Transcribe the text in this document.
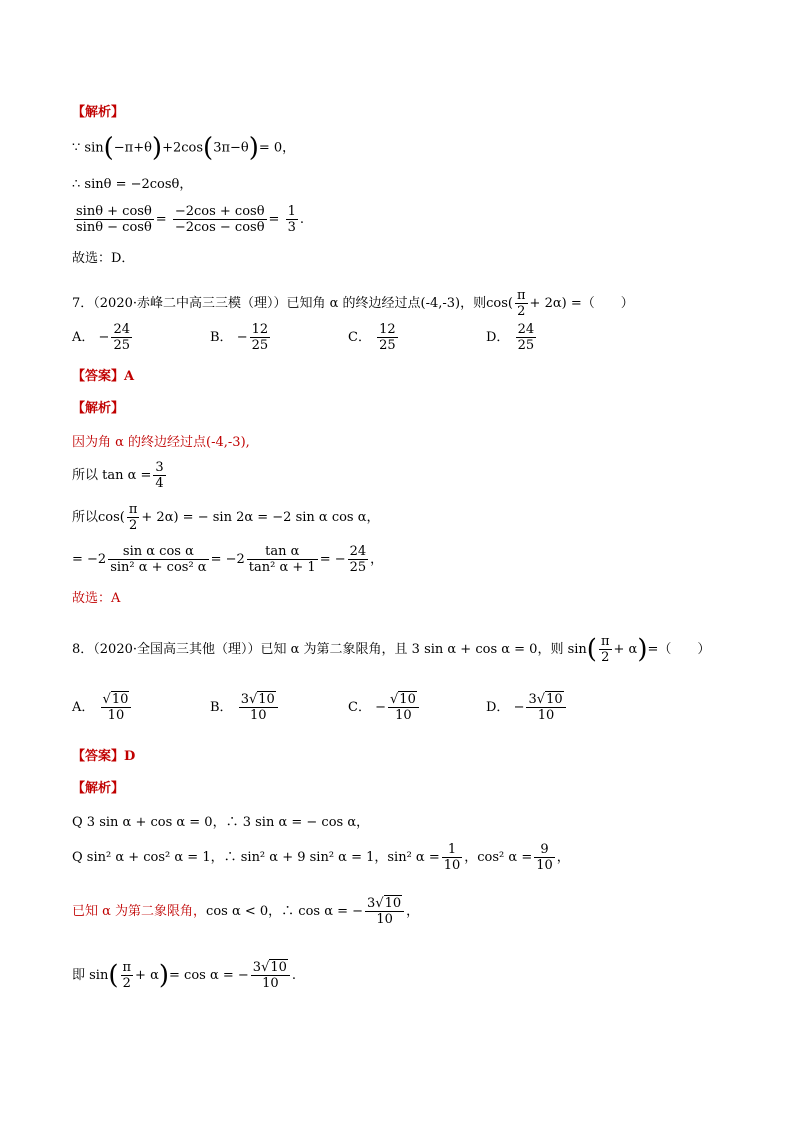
【解析】
∵ sin(−π+θ)+2cos(3π−θ)= 0，
∴ sinθ = −2cosθ，
$\frac{\sin\theta + \cos\theta}{\sin\theta - \cos\theta} = \frac{-2\cos + \cos\theta}{-2\cos - \cos\theta} = \frac{1}{3}$ .
故选：D．
7．（2020·赤峰二中高三三模（理））已知角 α 的终边经过点(-4,-3)，则$\cos( \frac{\pi}{2} + 2\alpha)$ =（　　）
A． − $\frac{24}{25}$	B． − $\frac{12}{25}$	C． $\frac{12}{25}$	D． $\frac{24}{25}$
【答案】A
【解析】
因为角 α 的终边经过点(-4,-3),
所以 $\tan \alpha = \frac{3}{4}$
所以$\cos( \frac{\pi}{2} + 2\alpha)$ = − sin 2α = −2 sin α cos α，
= $-2 \frac{\text{sin α cos α}}{\text{sin² α + cos² α}} = -2 \frac{\text{tan α}}{\text{tan² α + 1}}$ = − $\frac{24}{25}$ ，
故选：A
8．（2020·全国高三其他（理））已知 α 为第二象限角，且 3 sin α + cos α = 0，则 $\sin( \frac{\pi}{2} + \alpha)=$（　　）
A． $\frac{√10}{10}$	B． $\frac{3√10}{10}$	C． − $\frac{√10}{10}$	D． − $\frac{3√10}{10}$
【答案】D
【解析】
Q 3 sin α + cos α = 0，∴ 3 sin α = − cos α，
Q sin² α + cos² α = 1，∴ sin² α + 9 sin² α = 1，sin² $\alpha = \frac{1}{10}$ ，cos² $\alpha = \frac{9}{10}$ ，
已知 α 为第二象限角，cos α < 0，∴ cos α = − $\frac{3√10}{10}$ ，
即 $\sin( \frac{\pi}{2} + \alpha)= \cos \alpha$ = − $\frac{3√10}{10}$ .
